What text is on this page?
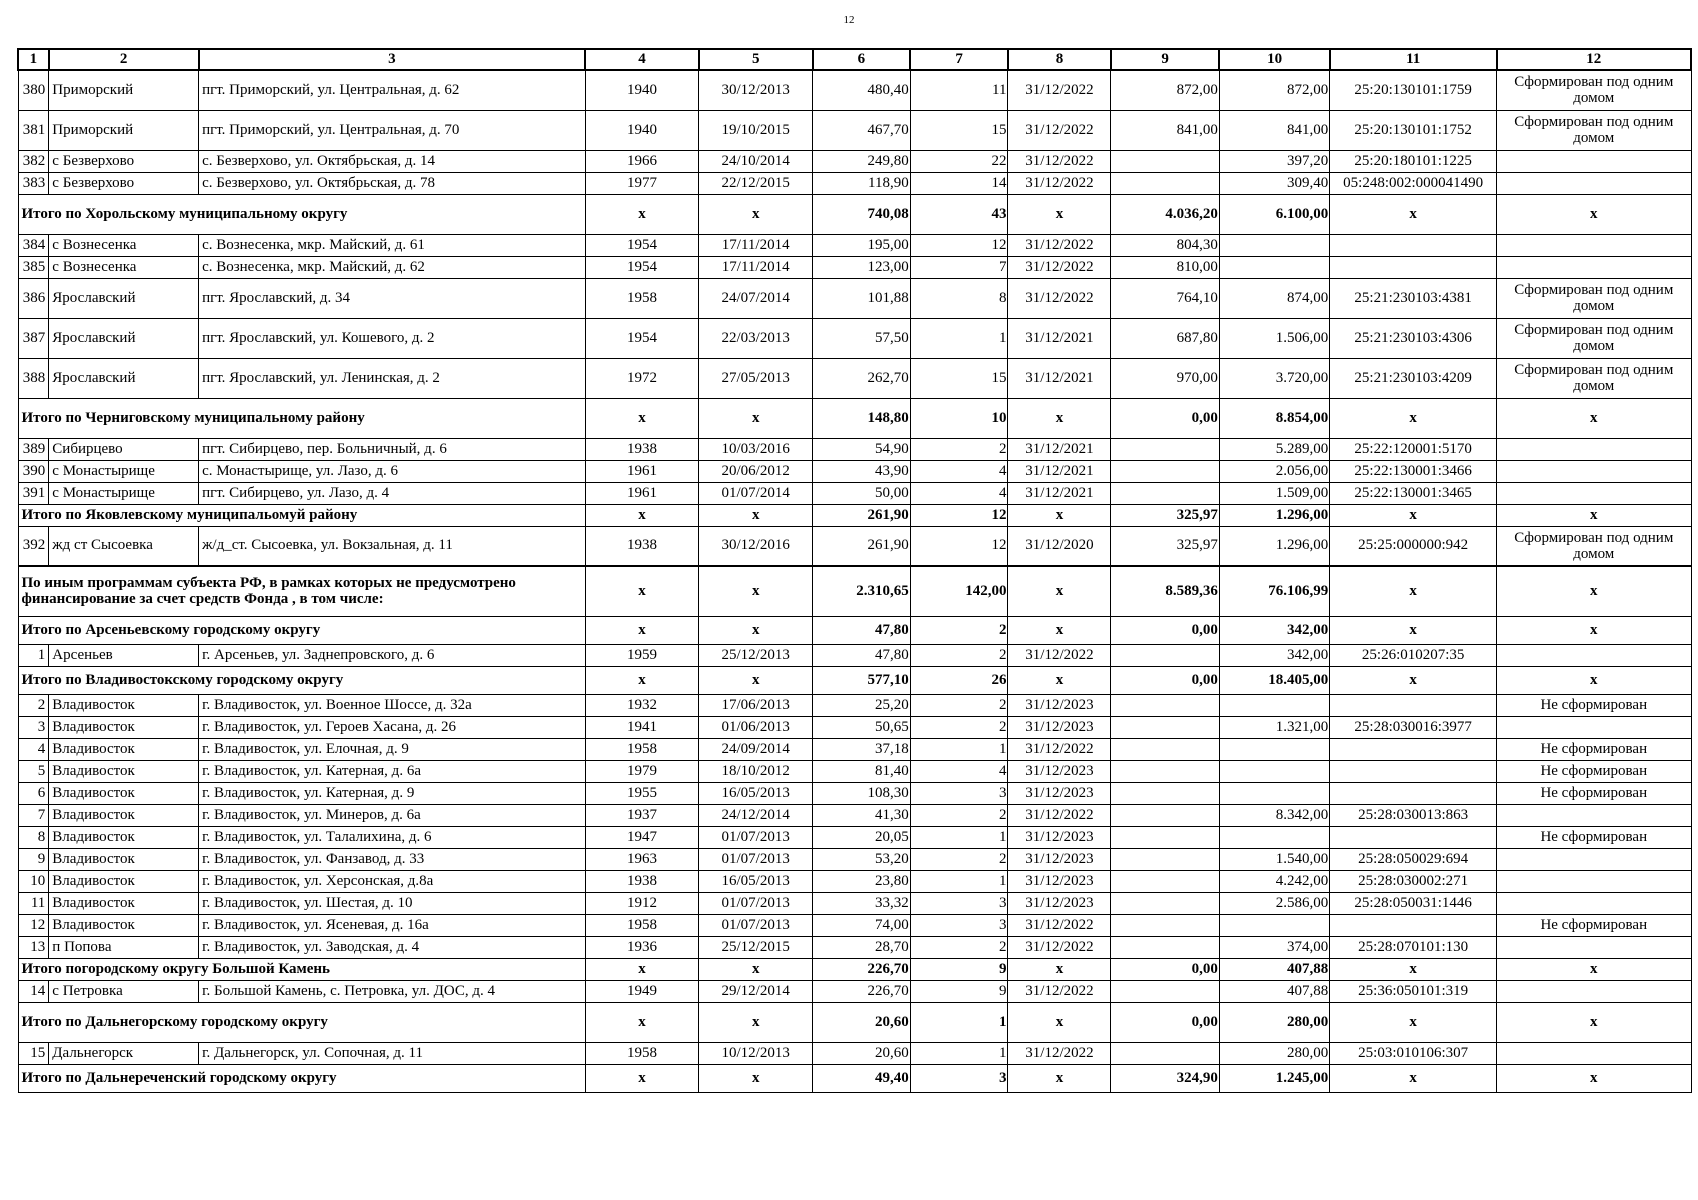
12
1	2	3	4	5	6	7	8	9	10	11	12
380	Приморский	пгт. Приморский, ул. Центральная, д. 62	1940	30/12/2013	480,40	11	31/12/2022	872,00	872,00	25:20:130101:1759	Сформирован под одним домом
381	Приморский	пгт. Приморский, ул. Центральная, д. 70	1940	19/10/2015	467,70	15	31/12/2022	841,00	841,00	25:20:130101:1752	Сформирован под одним домом
382	с Безверхово	с. Безверхово, ул. Октябрьская, д. 14	1966	24/10/2014	249,80	22	31/12/2022		397,20	25:20:180101:1225	
383	с Безверхово	с. Безверхово, ул. Октябрьская, д. 78	1977	22/12/2015	118,90	14	31/12/2022		309,40	05:248:002:000041490	
Итого по Хорольскому муниципальному округу			х	х	740,08	43	х	4.036,20	6.100,00	х	х
384	с Вознесенка	с. Вознесенка, мкр. Майский, д. 61	1954	17/11/2014	195,00	12	31/12/2022	804,30			
385	с Вознесенка	с. Вознесенка, мкр. Майский, д. 62	1954	17/11/2014	123,00	7	31/12/2022	810,00			
386	Ярославский	пгт. Ярославский, д. 34	1958	24/07/2014	101,88	8	31/12/2022	764,10	874,00	25:21:230103:4381	Сформирован под одним домом
387	Ярославский	пгт. Ярославский, ул. Кошевого, д. 2	1954	22/03/2013	57,50	1	31/12/2021	687,80	1.506,00	25:21:230103:4306	Сформирован под одним домом
388	Ярославский	пгт. Ярославский, ул. Ленинская, д. 2	1972	27/05/2013	262,70	15	31/12/2021	970,00	3.720,00	25:21:230103:4209	Сформирован под одним домом
Итого по Черниговскому муниципальному району			х	х	148,80	10	х	0,00	8.854,00	х	х
389	Сибирцево	пгт. Сибирцево, пер. Больничный, д. 6	1938	10/03/2016	54,90	2	31/12/2021		5.289,00	25:22:120001:5170	
390	с Монастырище	с. Монастырище, ул. Лазо, д. 6	1961	20/06/2012	43,90	4	31/12/2021		2.056,00	25:22:130001:3466	
391	с Монастырище	пгт. Сибирцево, ул. Лазо, д. 4	1961	01/07/2014	50,00	4	31/12/2021		1.509,00	25:22:130001:3465	
Итого по Яковлевскому муниципальомуй району			х	х	261,90	12	х	325,97	1.296,00	х	х
392	жд ст Сысоевка	ж/д_ст. Сысоевка, ул. Вокзальная, д. 11	1938	30/12/2016	261,90	12	31/12/2020	325,97	1.296,00	25:25:000000:942	Сформирован под одним домом
По иным программам субъекта РФ, в рамках которых не предусмотрено финансирование за счет средств Фонда , в том числе:			х	х	2.310,65	142,00	х	8.589,36	76.106,99	х	х
Итого по Арсеньевскому городскому округу			х	х	47,80	2	х	0,00	342,00	х	х
1	Арсеньев	г. Арсеньев, ул. Заднепровского, д. 6	1959	25/12/2013	47,80	2	31/12/2022		342,00	25:26:010207:35	
Итого по Владивостокскому городскому округу			х	х	577,10	26	х	0,00	18.405,00	х	х
2	Владивосток	г. Владивосток, ул. Военное Шоссе, д. 32а	1932	17/06/2013	25,20	2	31/12/2023				Не сформирован
3	Владивосток	г. Владивосток, ул. Героев Хасана, д. 26	1941	01/06/2013	50,65	2	31/12/2023		1.321,00	25:28:030016:3977	
4	Владивосток	г. Владивосток, ул. Елочная, д. 9	1958	24/09/2014	37,18	1	31/12/2022				Не сформирован
5	Владивосток	г. Владивосток, ул. Катерная, д. 6а	1979	18/10/2012	81,40	4	31/12/2023				Не сформирован
6	Владивосток	г. Владивосток, ул. Катерная, д. 9	1955	16/05/2013	108,30	3	31/12/2023				Не сформирован
7	Владивосток	г. Владивосток, ул. Минеров, д. 6а	1937	24/12/2014	41,30	2	31/12/2022		8.342,00	25:28:030013:863	
8	Владивосток	г. Владивосток, ул. Талалихина, д. 6	1947	01/07/2013	20,05	1	31/12/2023				Не сформирован
9	Владивосток	г. Владивосток, ул. Фанзавод, д. 33	1963	01/07/2013	53,20	2	31/12/2023		1.540,00	25:28:050029:694	
10	Владивосток	г. Владивосток, ул. Херсонская, д.8а	1938	16/05/2013	23,80	1	31/12/2023		4.242,00	25:28:030002:271	
11	Владивосток	г. Владивосток, ул. Шестая, д. 10	1912	01/07/2013	33,32	3	31/12/2023		2.586,00	25:28:050031:1446	
12	Владивосток	г. Владивосток, ул. Ясеневая, д. 16а	1958	01/07/2013	74,00	3	31/12/2022				Не сформирован
13	п Попова	г. Владивосток, ул. Заводская, д. 4	1936	25/12/2015	28,70	2	31/12/2022		374,00	25:28:070101:130	
Итого погородскому округу Большой Камень			х	х	226,70	9	х	0,00	407,88	х	х
14	с Петровка	г. Большой Камень, с. Петровка, ул. ДОС, д. 4	1949	29/12/2014	226,70	9	31/12/2022		407,88	25:36:050101:319	
Итого по Дальнегорскому городскому округу			х	х	20,60	1	х	0,00	280,00	х	х
15	Дальнегорск	г. Дальнегорск, ул. Сопочная, д. 11	1958	10/12/2013	20,60	1	31/12/2022		280,00	25:03:010106:307	
Итого по Дальнереченский городскому округу			х	х	49,40	3	х	324,90	1.245,00	х	х
